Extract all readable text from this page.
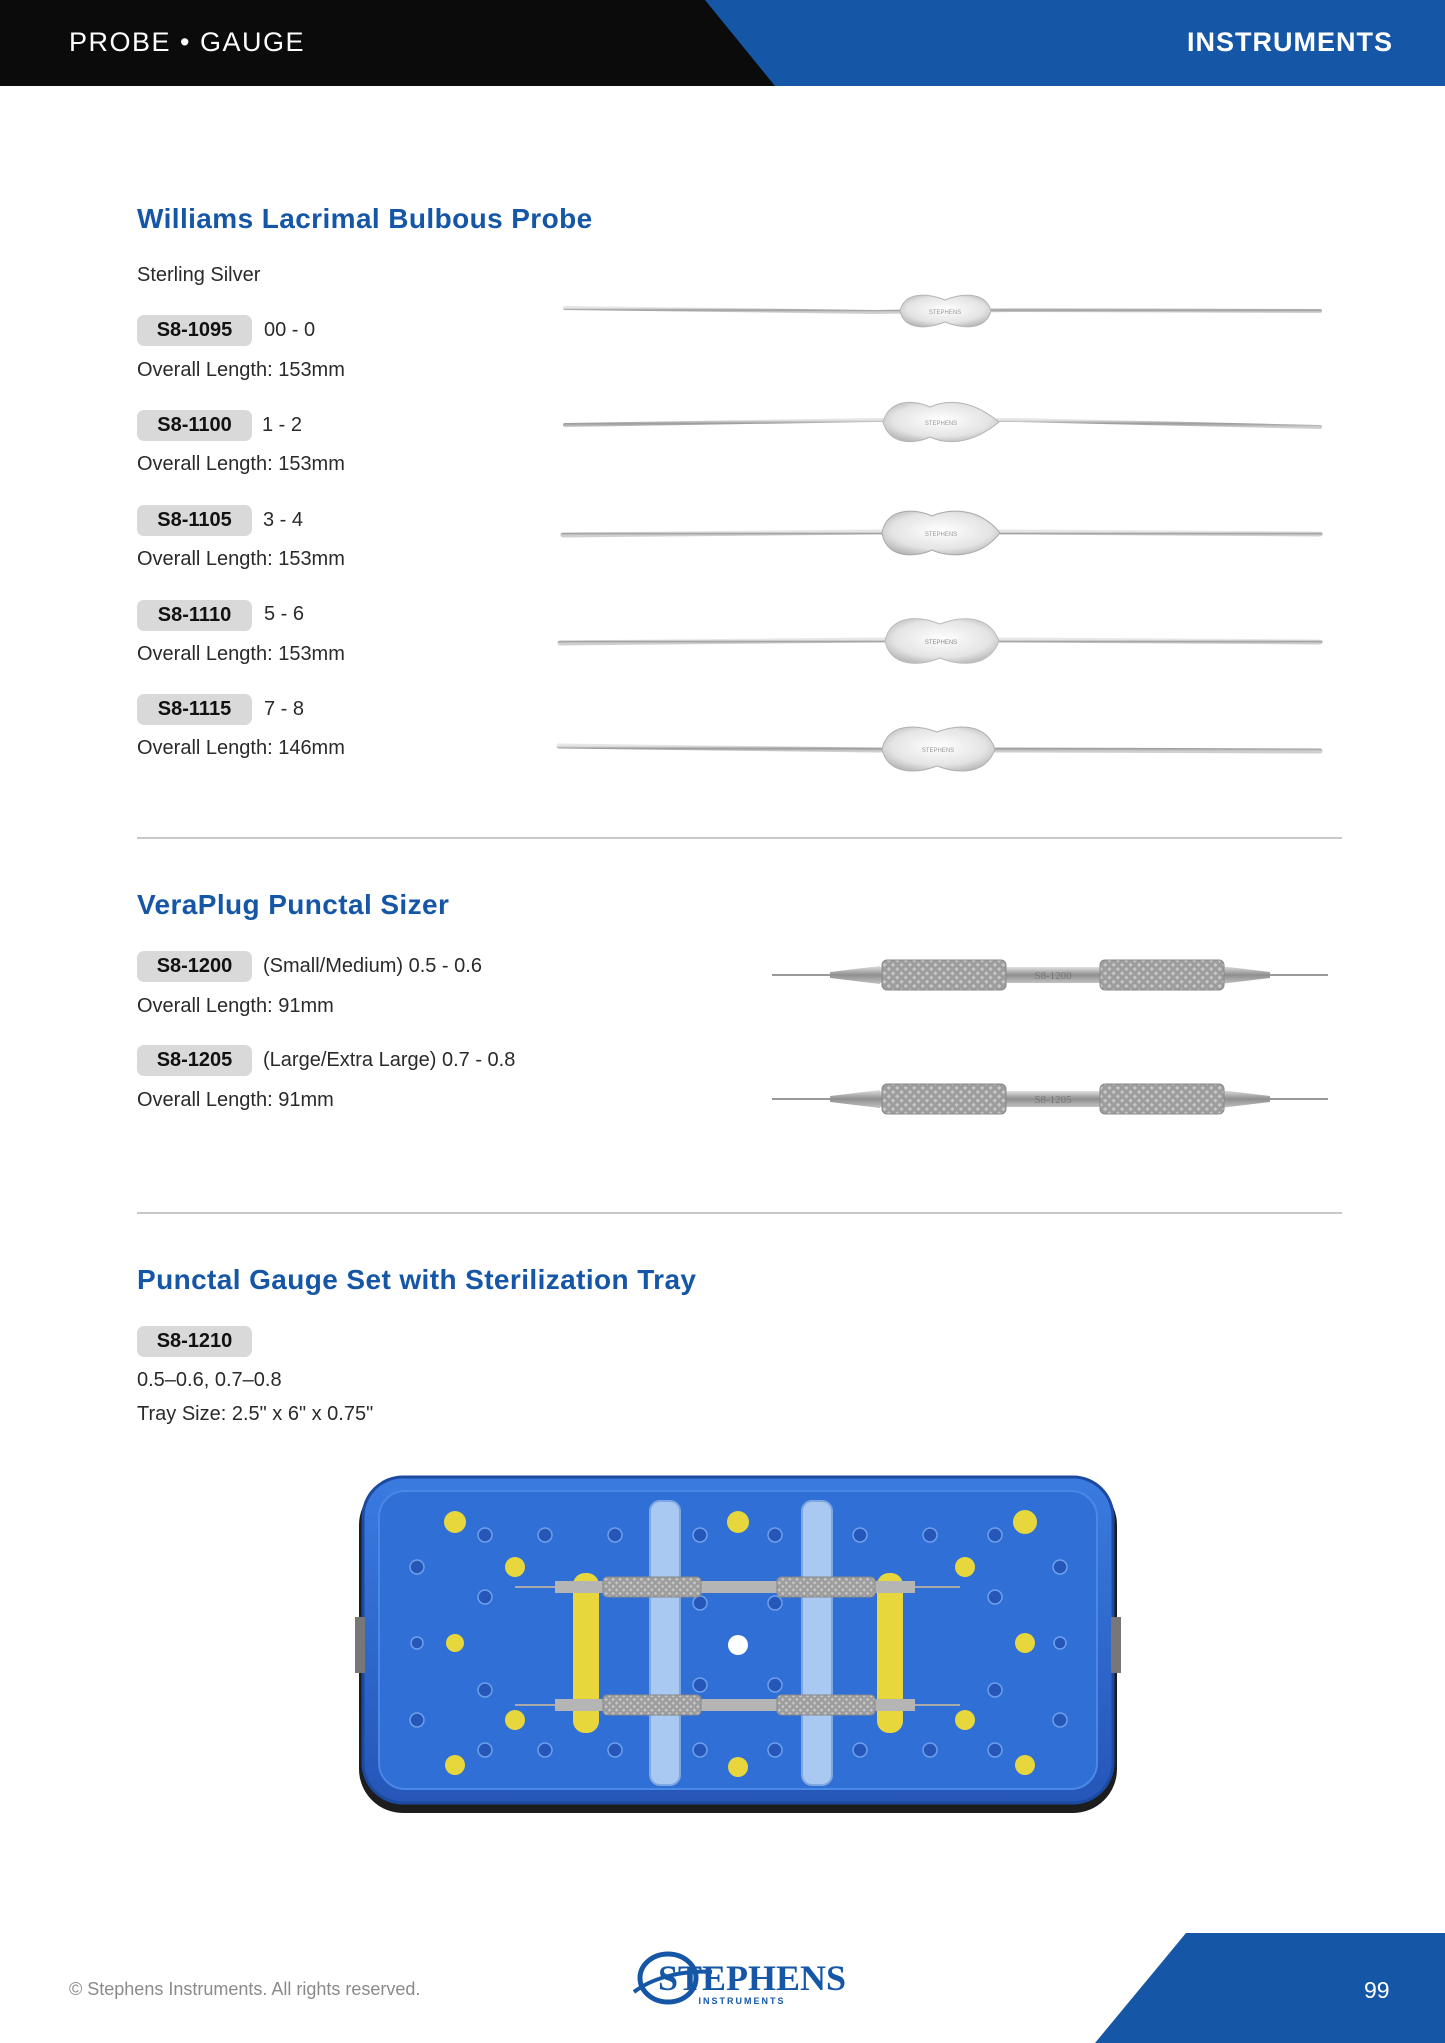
PROBE • GAUGE	INSTRUMENTS
Williams Lacrimal Bulbous Probe
Sterling Silver
S8-1095	00 - 0
Overall Length: 153mm
S8-1100	1 - 2
Overall Length: 153mm
S8-1105	3 - 4
Overall Length: 153mm
S8-1110	5 - 6
Overall Length: 153mm
S8-1115	7 - 8
Overall Length: 146mm
STEPHENS
STEPHENS
STEPHENS
STEPHENS
STEPHENS
VeraPlug Punctal Sizer
S8-1200	(Small/Medium) 0.5 - 0.6
Overall Length: 91mm
S8-1205	(Large/Extra Large) 0.7 - 0.8
Overall Length: 91mm
S8-1200
S8-1205
Punctal Gauge Set with Sterilization Tray
S8-1210
0.5–0.6, 0.7–0.8
Tray Size: 2.5" x 6" x 0.75"
© Stephens Instruments. All rights reserved.	STEPHENS
INSTRUMENTS	99
